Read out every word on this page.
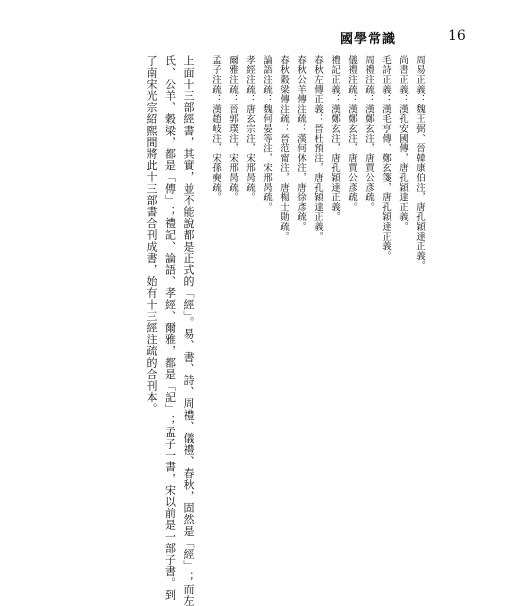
國學常識	16
周易正義：魏王弼、晉韓康伯注，唐孔穎達正義。
尚書正義：漢孔安國傳，唐孔穎達正義。
毛詩正義：漢毛亨傳、鄭玄箋，唐孔穎達正義。
周禮注疏：漢鄭玄注，唐賈公彥疏。
儀禮注疏：漢鄭玄注，唐賈公彥疏。
禮記正義：漢鄭玄注，唐孔穎達正義。
春秋左傳正義：晉杜預注，唐孔穎達正義。
春秋公羊傳注疏：漢何休注，唐徐彥疏。
春秋穀梁傳注疏：晉范甯注，唐楊士勛疏。
論語注疏：魏何晏等注，宋邢昺疏。
孝經注疏：唐玄宗注，宋邢昺疏。
爾雅注疏：晉郭璞注，宋邢昺疏。
孟子注疏：漢趙岐注，宋孫奭疏。
上面十三部經書，其實，並不能說都是正式的「經」。易、書、詩、周禮、儀禮、春秋，固然是「經」；而左
氏、公羊、穀梁，都是「傳」；禮記、論語、孝經、爾雅，都是「記」；孟子一書，宋以前是一部子書。到
了南宋光宗紹熙間將此十三部書合刊成書，始有十三經注疏的合刊本。
